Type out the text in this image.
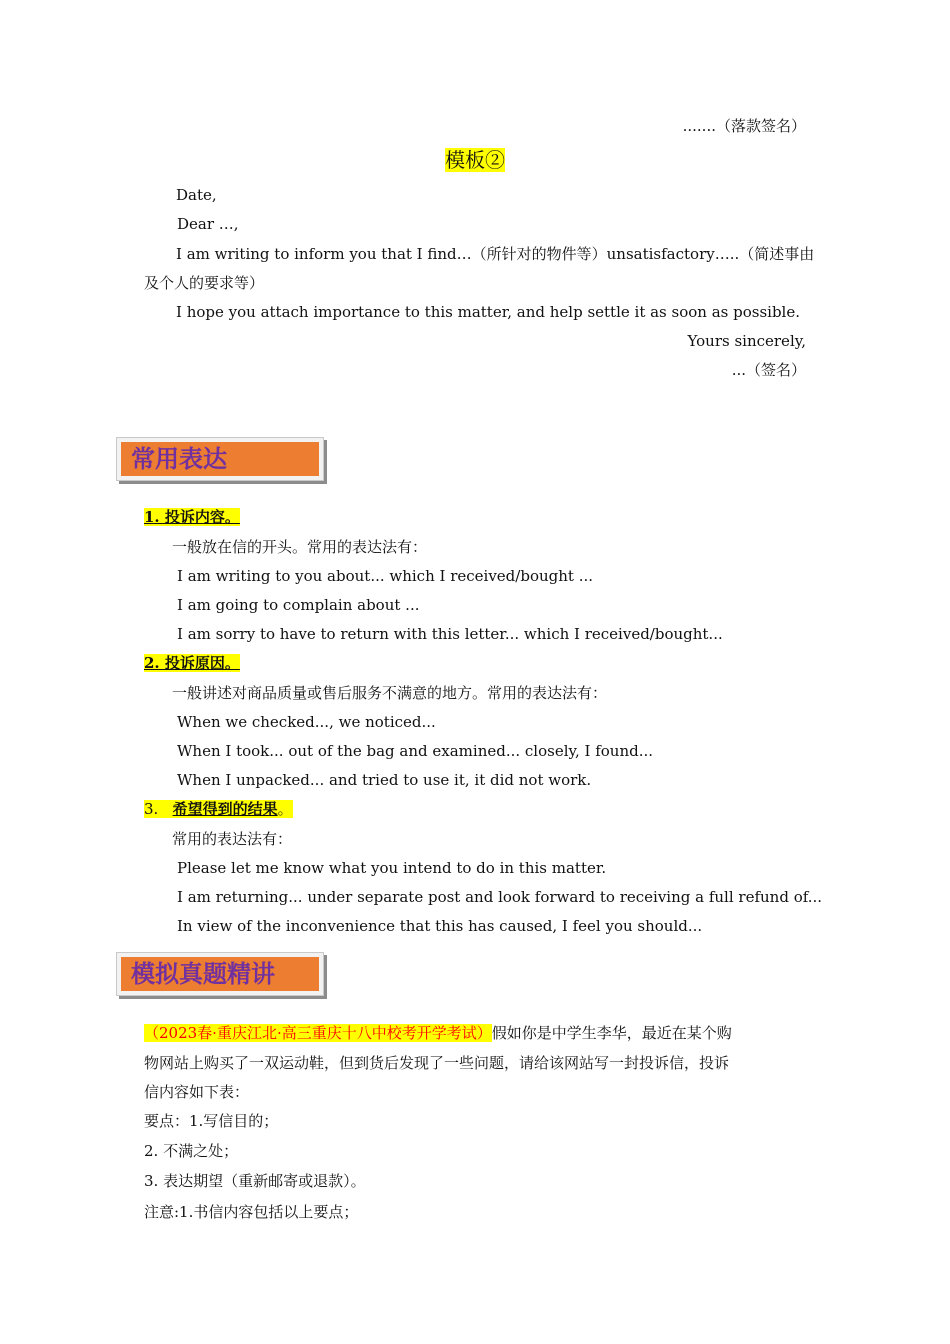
.......（落款签名）
模板②
Date,
Dear …,
I am writing to inform you that I find…（所针对的物件等）unsatisfactory…..（简述事由
及个人的要求等）
I hope you attach importance to this matter, and help settle it as soon as possible.
Yours sincerely,
...（签名）
常用表达
1. 投诉内容。
一般放在信的开头。常用的表达法有：
I am writing to you about... which I received/bought ...
I am going to complain about ...
I am sorry to have to return with this letter... which I received/bought...
2. 投诉原因。
一般讲述对商品质量或售后服务不满意的地方。常用的表达法有：
When we checked..., we noticed...
When I took... out of the bag and examined... closely, I found...
When I unpacked... and tried to use it, it did not work.
3. 希望得到的结果。
常用的表达法有：
Please let me know what you intend to do in this matter.
I am returning... under separate post and look forward to receiving a full refund of...
In view of the inconvenience that this has caused, I feel you should...
模拟真题精讲
（2023春·重庆江北·高三重庆十八中校考开学考试）假如你是中学生李华，最近在某个购
物网站上购买了一双运动鞋，但到货后发现了一些问题，请给该网站写一封投诉信，投诉
信内容如下表：
要点：1.写信目的；
2. 不满之处；
3. 表达期望（重新邮寄或退款）。
注意:1.书信内容包括以上要点；
